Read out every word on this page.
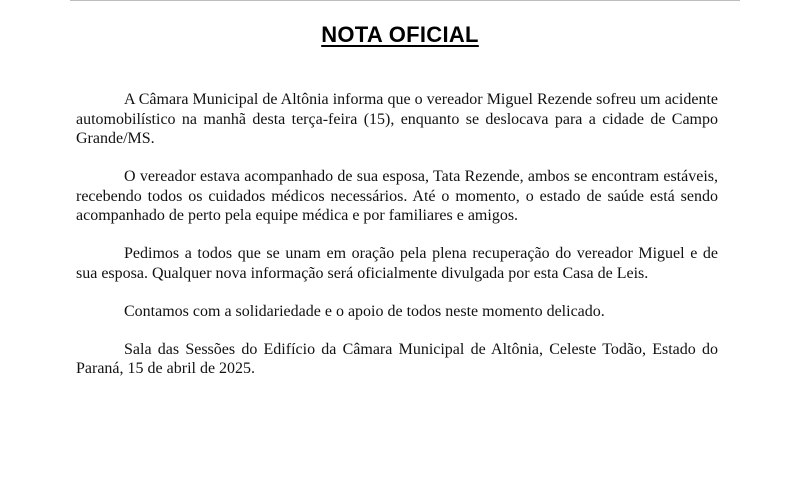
NOTA OFICIAL

A Câmara Municipal de Altônia informa que o vereador Miguel Rezende sofreu um acidente automobilístico na manhã desta terça-feira (15), enquanto se deslocava para a cidade de Campo Grande/MS.

O vereador estava acompanhado de sua esposa, Tata Rezende, ambos se encontram estáveis, recebendo todos os cuidados médicos necessários. Até o momento, o estado de saúde está sendo acompanhado de perto pela equipe médica e por familiares e amigos.

Pedimos a todos que se unam em oração pela plena recuperação do vereador Miguel e de sua esposa. Qualquer nova informação será oficialmente divulgada por esta Casa de Leis.

Contamos com a solidariedade e o apoio de todos neste momento delicado.

Sala das Sessões do Edifício da Câmara Municipal de Altônia, Celeste Todão, Estado do Paraná, 15 de abril de 2025.
